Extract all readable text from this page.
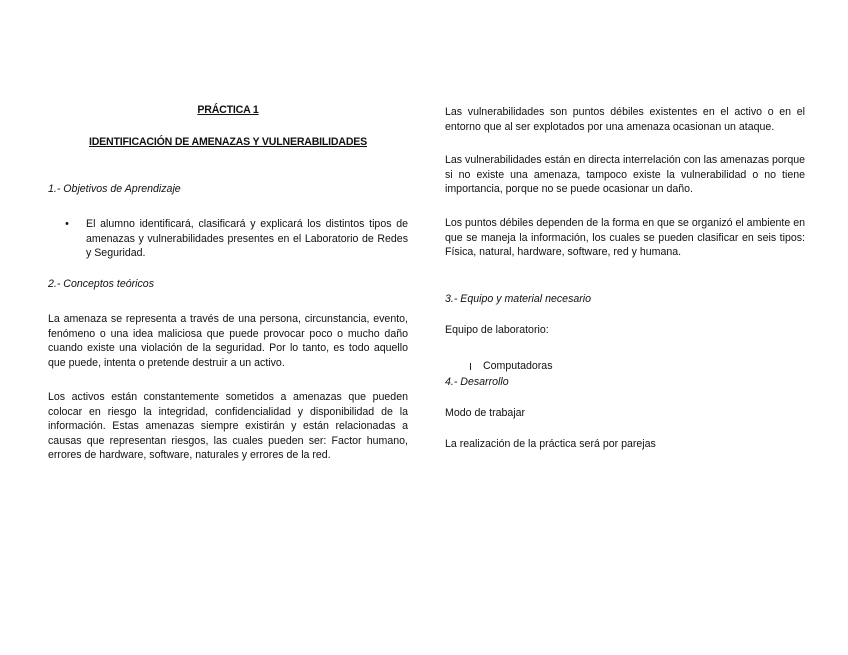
PRÁCTICA 1
IDENTIFICACIÓN DE AMENAZAS Y VULNERABILIDADES
1.- Objetivos de Aprendizaje
•	El alumno identificará, clasificará y explicará los distintos tipos de amenazas y vulnerabilidades presentes en el Laboratorio de Redes y Seguridad.
2.- Conceptos teóricos

La amenaza se representa a través de una persona, circunstancia, evento, fenómeno o una idea maliciosa que puede provocar poco o mucho daño cuando existe una violación de la seguridad. Por lo tanto, es todo aquello que puede, intenta o pretende destruir a un activo.

Los activos están constantemente sometidos a amenazas que pueden colocar en riesgo la integridad, confidencialidad y disponibilidad de la información. Estas amenazas siempre existirán y están relacionadas a causas que representan riesgos, las cuales pueden ser: Factor humano, errores de hardware, software, naturales y errores de la red.

Las vulnerabilidades son puntos débiles existentes en el activo o en el entorno que al ser explotados por una amenaza ocasionan un ataque.

Las vulnerabilidades están en directa interrelación con las amenazas porque si no existe una amenaza, tampoco existe la vulnerabilidad o no tiene importancia, porque no se puede ocasionar un daño.

Los puntos débiles dependen de la forma en que se organizó el ambiente en que se maneja la información, los cuales se pueden clasificar en seis tipos: Física, natural, hardware, software, red y humana.

3.- Equipo y material necesario
Equipo de laboratorio:
Computadoras
4.- Desarrollo
Modo de trabajar
La realización de la práctica será por parejas
